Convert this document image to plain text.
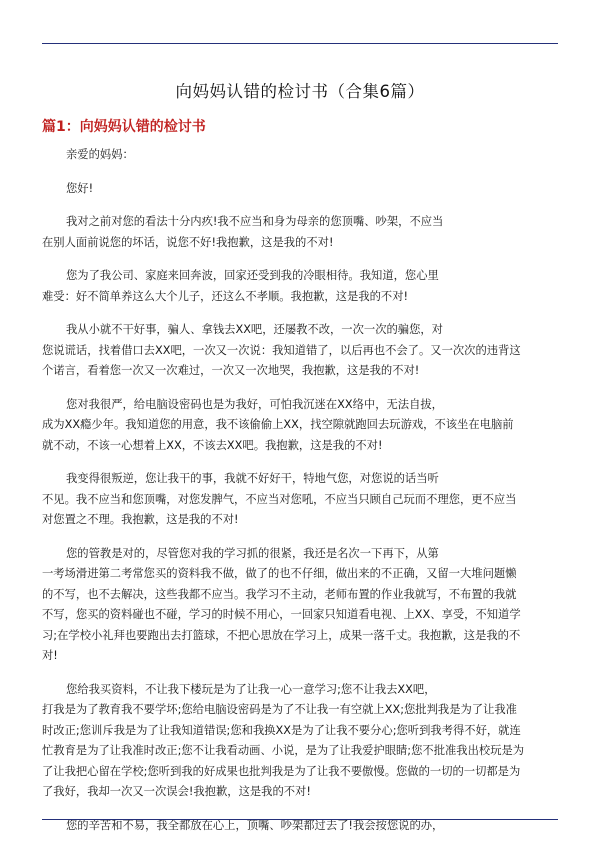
向妈妈认错的检讨书（合集6篇）
篇1：向妈妈认错的检讨书

亲爱的妈妈：

您好!

我对之前对您的看法十分内疚!我不应当和身为母亲的您顶嘴、吵架，不应当
在别人面前说您的坏话，说您不好!我抱歉，这是我的不对!

您为了我公司、家庭来回奔波，回家还受到我的冷眼相待。我知道，您心里
难受：好不简单养这么大个儿子，还这么不孝顺。我抱歉，这是我的不对!

我从小就不干好事，骗人、拿钱去XX吧，还屡教不改，一次一次的骗您，对
您说谎话，找着借口去XX吧，一次又一次说：我知道错了，以后再也不会了。又一次次的违背这
个诺言，看着您一次又一次难过，一次又一次地哭，我抱歉，这是我的不对!

您对我很严，给电脑设密码也是为我好，可怕我沉迷在XX络中，无法自拔，
成为XX瘾少年。我知道您的用意，我不该偷偷上XX，找空隙就跑回去玩游戏，不该坐在电脑前
就不动，不该一心想着上XX，不该去XX吧。我抱歉，这是我的不对!

我变得很叛逆，您让我干的事，我就不好好干，特地气您，对您说的话当听
不见。我不应当和您顶嘴，对您发脾气，不应当对您吼，不应当只顾自己玩而不理您，更不应当
对您置之不理。我抱歉，这是我的不对!

您的管教是对的，尽管您对我的学习抓的很紧，我还是名次一下再下，从第
一考场滑进第二考常您买的资料我不做，做了的也不仔细，做出来的不正确，又留一大堆问题懒
的不写，也不去解决，这些我都不应当。我学习不主动，老师布置的作业我就写，不布置的我就
不写，您买的资料碰也不碰，学习的时候不用心，一回家只知道看电视、上XX、享受，不知道学
习;在学校小礼拜也要跑出去打篮球，不把心思放在学习上，成果一落千丈。我抱歉，这是我的不
对!

您给我买资料，不让我下楼玩是为了让我一心一意学习;您不让我去XX吧，
打我是为了教育我不要学坏;您给电脑设密码是为了不让我一有空就上XX;您批判我是为了让我准
时改正;您训斥我是为了让我知道错误;您和我换XX是为了让我不要分心;您听到我考得不好，就连
忙教育是为了让我准时改正;您不让我看动画、小说，是为了让我爱护眼睛;您不批准我出校玩是为
了让我把心留在学校;您听到我的好成果也批判我是为了让我不要傲慢。您做的一切的一切都是为
了我好，我却一次又一次误会!我抱歉，这是我的不对!

您的辛苦和不易，我全都放在心上，顶嘴、吵架都过去了!我会按您说的办，
